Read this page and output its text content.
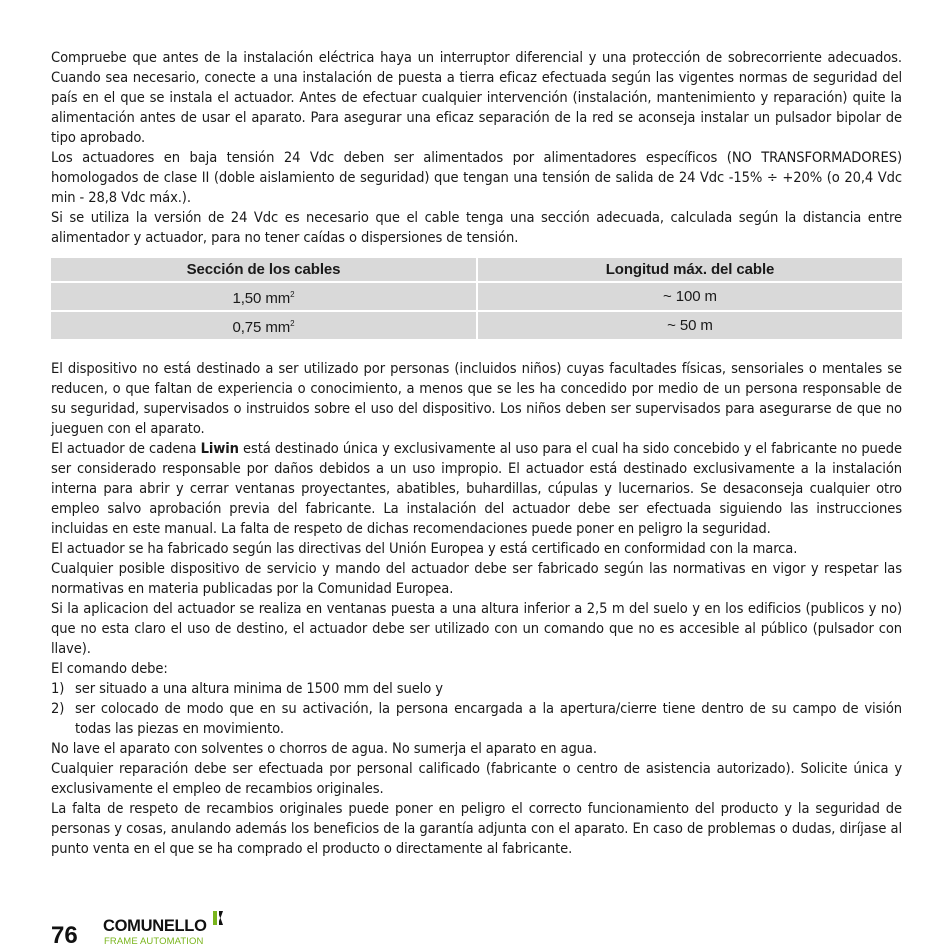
Compruebe que antes de la instalación eléctrica haya un interruptor diferencial y una protección de sobrecorriente adecuados. Cuando sea necesario, conecte a una instalación de puesta a tierra eficaz efectuada según las vigentes normas de seguridad del país en el que se instala el actuador. Antes de efectuar cualquier intervención (instalación, mantenimiento y reparación) quite la alimentación antes de usar el aparato. Para asegurar una eficaz separación de la red se aconseja instalar un pulsador bipolar de tipo aprobado.

Los actuadores en baja tensión 24 Vdc deben ser alimentados por alimentadores específicos (NO TRANSFORMADORES) homologados de clase II (doble aislamiento de seguridad) que tengan una tensión de salida de 24 Vdc -15% ÷ +20% (o 20,4 Vdc min - 28,8 Vdc máx.).

Si se utiliza la versión de 24 Vdc es necesario que el cable tenga una sección adecuada, calculada según la distancia entre alimentador y actuador, para no tener caídas o dispersiones de tensión.

Sección de los cables	Longitud máx. del cable
1,50 $mm^2$	~ 100 m
0,75 $mm^2$	~ 50 m

El dispositivo no está destinado a ser utilizado por personas (incluidos niños) cuyas facultades físicas, sensoriales o mentales se reducen, o que faltan de experiencia o conocimiento, a menos que se les ha concedido por medio de un persona responsable de su seguridad, supervisados o instruidos sobre el uso del dispositivo. Los niños deben ser supervisados para asegurarse de que no jueguen con el aparato.

El actuador de cadena Liwin está destinado única y exclusivamente al uso para el cual ha sido concebido y el fabricante no puede ser considerado responsable por daños debidos a un uso impropio. El actuador está destinado exclusivamente a la instalación interna para abrir y cerrar ventanas proyectantes, abatibles, buhardillas, cúpulas y lucernarios. Se desaconseja cualquier otro empleo salvo aprobación previa del fabricante. La instalación del actuador debe ser efectuada siguiendo las instrucciones incluidas en este manual. La falta de respeto de dichas recomendaciones puede poner en peligro la seguridad.

El actuador se ha fabricado según las directivas del Unión Europea y está certificado en conformidad con la marca.

Cualquier posible dispositivo de servicio y mando del actuador debe ser fabricado según las normativas en vigor y respetar las normativas en materia publicadas por la Comunidad Europea.

Si la aplicacion del actuador se realiza en ventanas puesta a una altura inferior a 2,5 m del suelo y en los edificios (publicos y no) que no esta claro el uso de destino, el actuador debe ser utilizado con un comando que no es accesible al público (pulsador con llave).

El comando debe:

1) ser situado a una altura minima de 1500 mm del suelo y
2) ser colocado de modo que en su activación, la persona encargada a la apertura/cierre tiene dentro de su campo de visión todas las piezas en movimiento.

No lave el aparato con solventes o chorros de agua. No sumerja el aparato en agua.

Cualquier reparación debe ser efectuada por personal calificado (fabricante o centro de asistencia autorizado). Solicite única y exclusivamente el empleo de recambios originales.

La falta de respeto de recambios originales puede poner en peligro el correcto funcionamiento del producto y la seguridad de personas y cosas, anulando además los beneficios de la garantía adjunta con el aparato. En caso de problemas o dudas, diríjase al punto venta en el que se ha comprado el producto o directamente al fabricante.

76 COMUNELLO
FRAME AUTOMATION
